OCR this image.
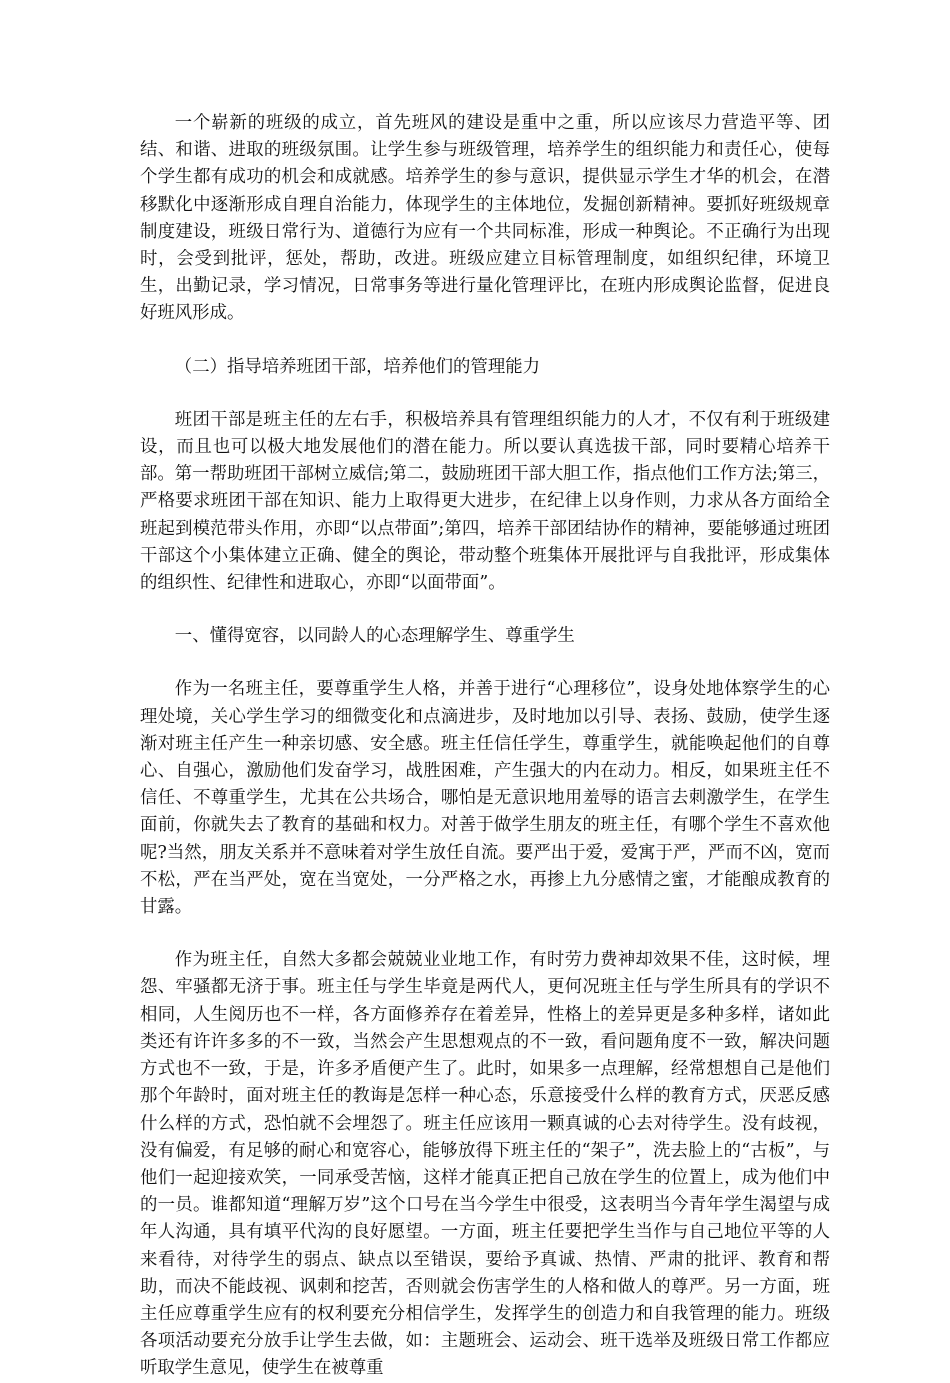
一个崭新的班级的成立，首先班风的建设是重中之重，所以应该尽力营造平等、团结、和谐、进取的班级氛围。让学生参与班级管理，培养学生的组织能力和责任心，使每个学生都有成功的机会和成就感。培养学生的参与意识，提供显示学生才华的机会，在潜移默化中逐渐形成自理自治能力，体现学生的主体地位，发掘创新精神。要抓好班级规章制度建设，班级日常行为、道德行为应有一个共同标准，形成一种舆论。不正确行为出现时，会受到批评，惩处，帮助，改进。班级应建立目标管理制度，如组织纪律，环境卫生，出勤记录，学习情况，日常事务等进行量化管理评比，在班内形成舆论监督，促进良好班风形成。

（二）指导培养班团干部，培养他们的管理能力

班团干部是班主任的左右手，积极培养具有管理组织能力的人才，不仅有利于班级建设，而且也可以极大地发展他们的潜在能力。所以要认真选拔干部，同时要精心培养干部。第一帮助班团干部树立威信;第二，鼓励班团干部大胆工作，指点他们工作方法;第三，严格要求班团干部在知识、能力上取得更大进步，在纪律上以身作则，力求从各方面给全班起到模范带头作用，亦即“以点带面”;第四，培养干部团结协作的精神，要能够通过班团干部这个小集体建立正确、健全的舆论，带动整个班集体开展批评与自我批评，形成集体的组织性、纪律性和进取心，亦即“以面带面”。

一、懂得宽容，以同龄人的心态理解学生、尊重学生

作为一名班主任，要尊重学生人格，并善于进行“心理移位”，设身处地体察学生的心理处境，关心学生学习的细微变化和点滴进步，及时地加以引导、表扬、鼓励，使学生逐渐对班主任产生一种亲切感、安全感。班主任信任学生，尊重学生，就能唤起他们的自尊心、自强心，激励他们发奋学习，战胜困难，产生强大的内在动力。相反，如果班主任不信任、不尊重学生，尤其在公共场合，哪怕是无意识地用羞辱的语言去刺激学生，在学生面前，你就失去了教育的基础和权力。对善于做学生朋友的班主任，有哪个学生不喜欢他呢?当然，朋友关系并不意味着对学生放任自流。要严出于爱，爱寓于严，严而不凶，宽而不松，严在当严处，宽在当宽处，一分严格之水，再掺上九分感情之蜜，才能酿成教育的甘露。

作为班主任，自然大多都会兢兢业业地工作，有时劳力费神却效果不佳，这时候，埋怨、牢骚都无济于事。班主任与学生毕竟是两代人，更何况班主任与学生所具有的学识不相同，人生阅历也不一样，各方面修养存在着差异，性格上的差异更是多种多样，诸如此类还有许许多多的不一致，当然会产生思想观点的不一致，看问题角度不一致，解决问题方式也不一致，于是，许多矛盾便产生了。此时，如果多一点理解，经常想想自己是他们那个年龄时，面对班主任的教诲是怎样一种心态，乐意接受什么样的教育方式，厌恶反感什么样的方式，恐怕就不会埋怨了。班主任应该用一颗真诚的心去对待学生。没有歧视，没有偏爱，有足够的耐心和宽容心，能够放得下班主任的“架子”，洗去脸上的“古板”，与他们一起迎接欢笑，一同承受苦恼，这样才能真正把自己放在学生的位置上，成为他们中的一员。谁都知道“理解万岁”这个口号在当今学生中很受，这表明当今青年学生渴望与成年人沟通，具有填平代沟的良好愿望。一方面，班主任要把学生当作与自己地位平等的人来看待，对待学生的弱点、缺点以至错误，要给予真诚、热情、严肃的批评、教育和帮助，而决不能歧视、讽刺和挖苦，否则就会伤害学生的人格和做人的尊严。另一方面，班主任应尊重学生应有的权利要充分相信学生，发挥学生的创造力和自我管理的能力。班级各项活动要充分放手让学生去做，如：主题班会、运动会、班干选举及班级日常工作都应听取学生意见，使学生在被尊重
